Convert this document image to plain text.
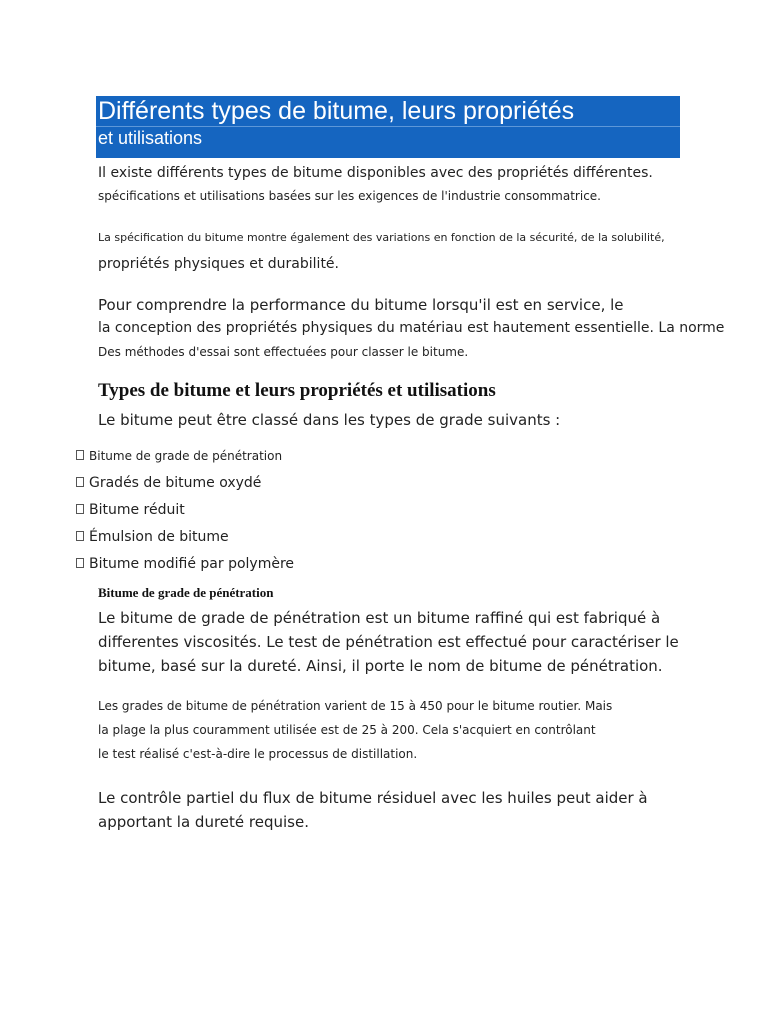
Différents types de bitume, leurs propriétés
et utilisations
Il existe différents types de bitume disponibles avec des propriétés différentes.
spécifications et utilisations basées sur les exigences de l'industrie consommatrice.
La spécification du bitume montre également des variations en fonction de la sécurité, de la solubilité,
propriétés physiques et durabilité.
Pour comprendre la performance du bitume lorsqu'il est en service, le
la conception des propriétés physiques du matériau est hautement essentielle. La norme
Des méthodes d'essai sont effectuées pour classer le bitume.
Types de bitume et leurs propriétés et utilisations
Le bitume peut être classé dans les types de grade suivants :
Bitume de grade de pénétration
Gradés de bitume oxydé
Bitume réduit
Émulsion de bitume
Bitume modifié par polymère
Bitume de grade de pénétration
Le bitume de grade de pénétration est un bitume raffiné qui est fabriqué à
differentes viscosités. Le test de pénétration est effectué pour caractériser le
bitume, basé sur la dureté. Ainsi, il porte le nom de bitume de pénétration.
Les grades de bitume de pénétration varient de 15 à 450 pour le bitume routier. Mais
la plage la plus couramment utilisée est de 25 à 200. Cela s'acquiert en contrôlant
le test réalisé c'est-à-dire le processus de distillation.
Le contrôle partiel du flux de bitume résiduel avec les huiles peut aider à
apportant la dureté requise.
